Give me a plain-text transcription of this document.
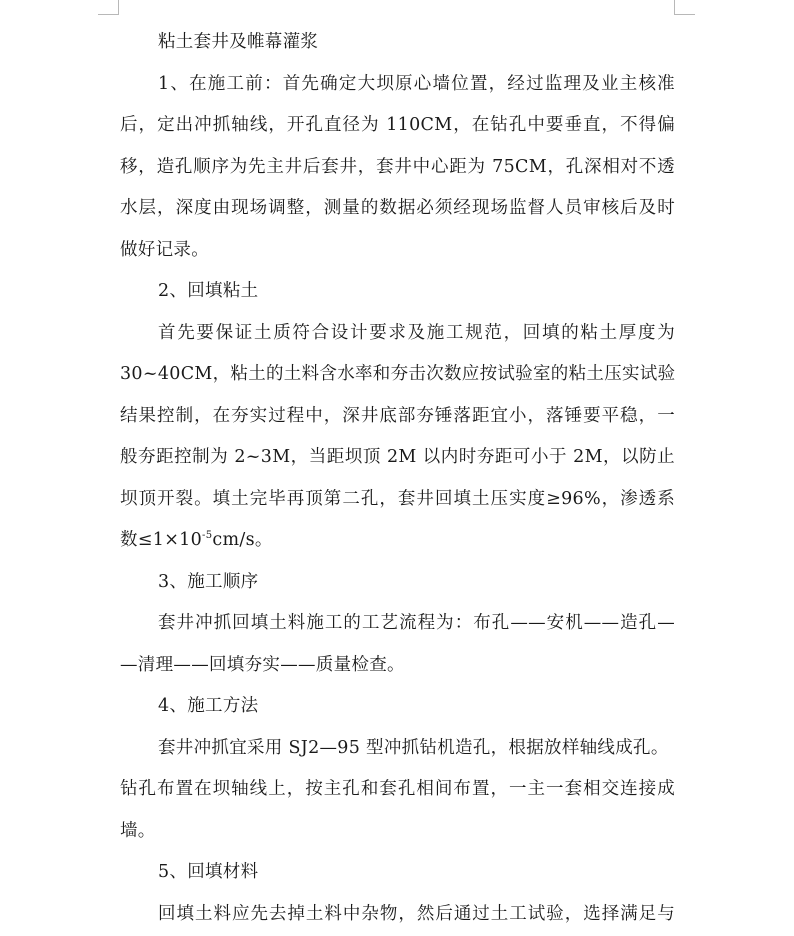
粘土套井及帷幕灌浆
1、在施工前：首先确定大坝原心墙位置，经过监理及业主核准
后，定出冲抓轴线，开孔直径为 110CM，在钻孔中要垂直，不得偏
移，造孔顺序为先主井后套井，套井中心距为 75CM，孔深相对不透
水层，深度由现场调整，测量的数据必须经现场监督人员审核后及时
做好记录。
2、回填粘土
首先要保证土质符合设计要求及施工规范，回填的粘土厚度为
30~40CM，粘土的土料含水率和夯击次数应按试验室的粘土压实试验
结果控制，在夯实过程中，深井底部夯锤落距宜小，落锤要平稳，一
般夯距控制为 2~3M，当距坝顶 2M 以内时夯距可小于 2M，以防止
坝顶开裂。填土完毕再顶第二孔，套井回填土压实度≥96%，渗透系
数$\le 1\times 10^{-5}cm/s$。
3、施工顺序
套井冲抓回填土料施工的工艺流程为：布孔——安机——造孔—
—清理——回填夯实——质量检查。
4、施工方法
套井冲抓宜采用 SJ2—95 型冲抓钻机造孔，根据放样轴线成孔。
钻孔布置在坝轴线上，按主孔和套孔相间布置，一主一套相交连接成
墙。
5、回填材料
回填土料应先去掉土料中杂物，然后通过土工试验，选择满足与
